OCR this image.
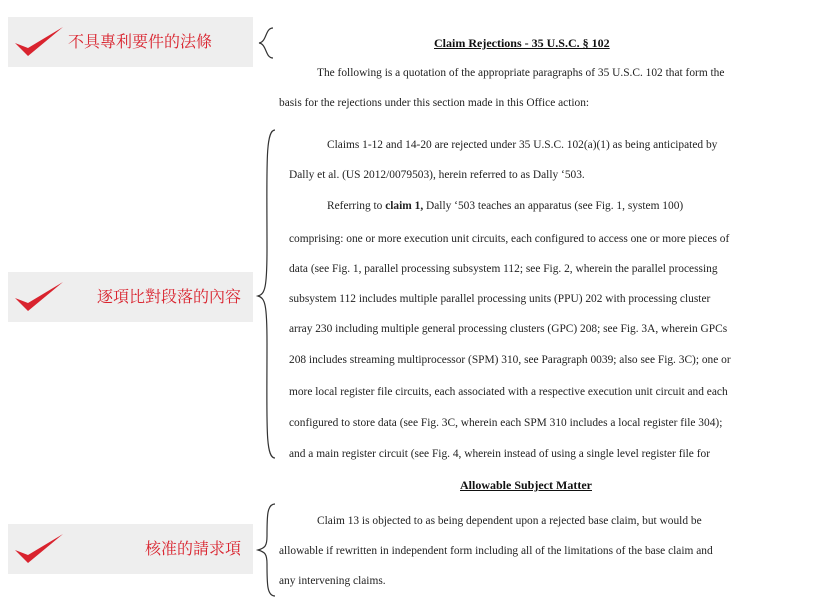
不具專利要件的法條
逐項比對段落的內容
核准的請求項
Claim Rejections - 35 U.S.C. § 102
The following is a quotation of the appropriate paragraphs of 35 U.S.C. 102 that form the
basis for the rejections under this section made in this Office action:
Claims 1-12 and 14-20 are rejected under 35 U.S.C. 102(a)(1) as being anticipated by
Dally et al. (US 2012/0079503), herein referred to as Dally ‘503.
Referring to claim 1, Dally ‘503 teaches an apparatus (see Fig. 1, system 100)
comprising: one or more execution unit circuits, each configured to access one or more pieces of
data (see Fig. 1, parallel processing subsystem 112; see Fig. 2, wherein the parallel processing
subsystem 112 includes multiple parallel processing units (PPU) 202 with processing cluster
array 230 including multiple general processing clusters (GPC) 208; see Fig. 3A, wherein GPCs
208 includes streaming multiprocessor (SPM) 310, see Paragraph 0039; also see Fig. 3C); one or
more local register file circuits, each associated with a respective execution unit circuit and each
configured to store data (see Fig. 3C, wherein each SPM 310 includes a local register file 304);
and a main register circuit (see Fig. 4, wherein instead of using a single level register file for
Allowable Subject Matter
Claim 13 is objected to as being dependent upon a rejected base claim, but would be
allowable if rewritten in independent form including all of the limitations of the base claim and
any intervening claims.
